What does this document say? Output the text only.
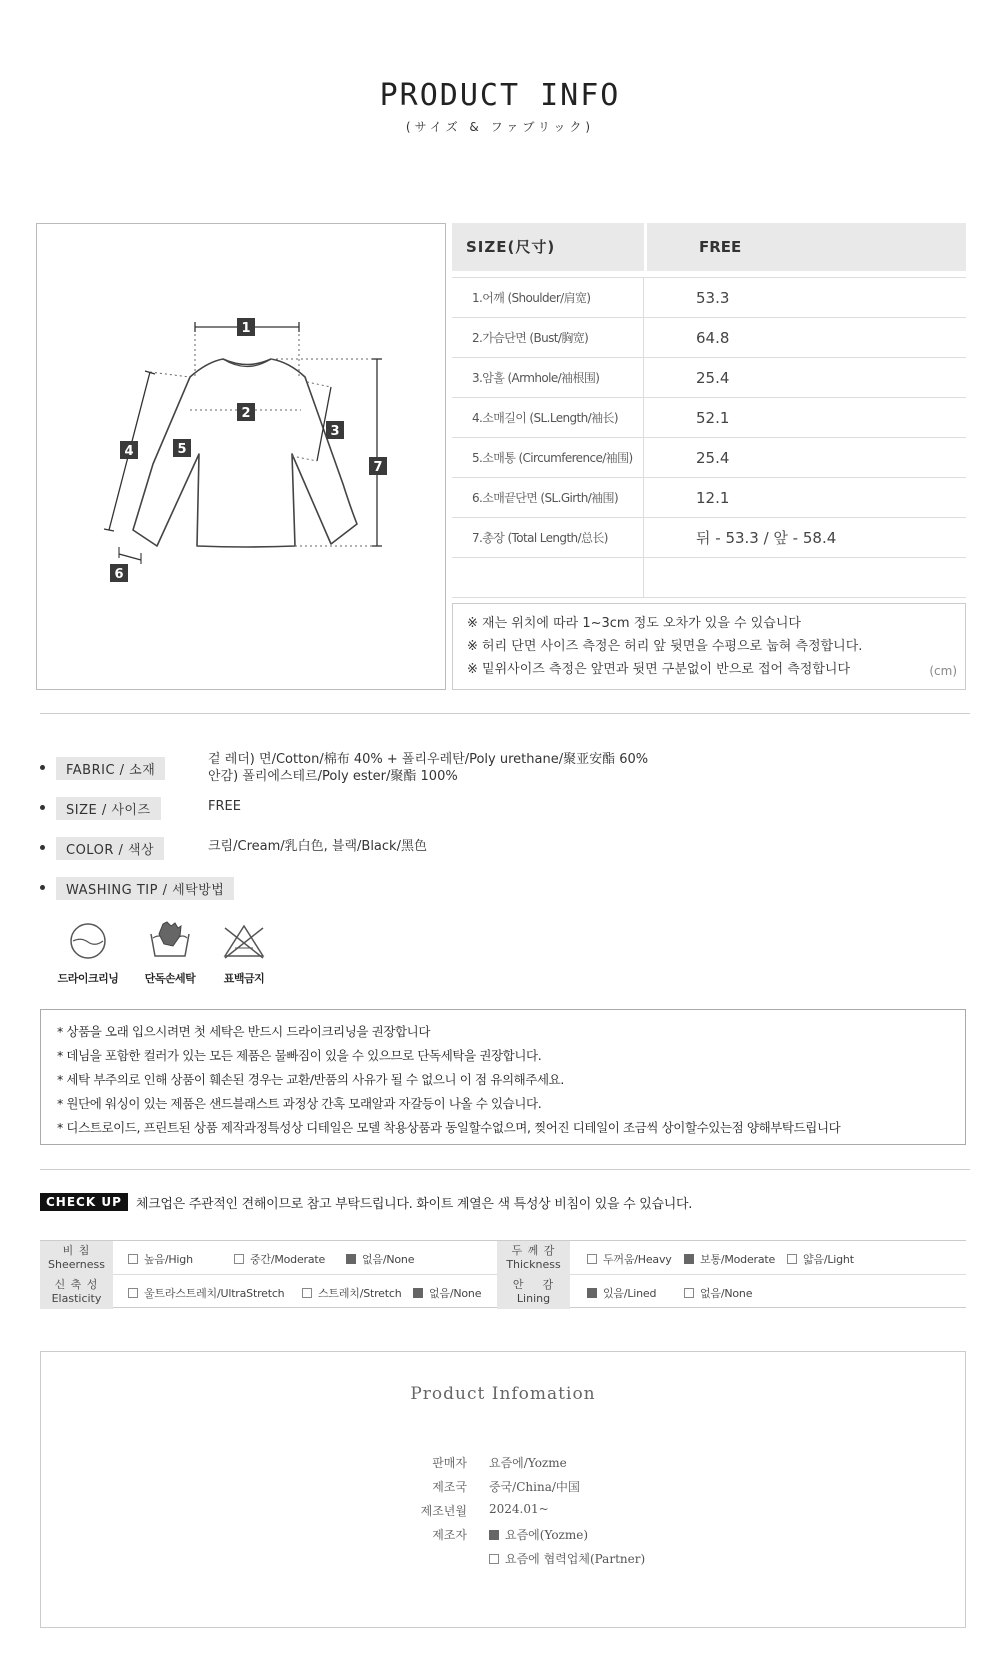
PRODUCT INFO
(サイズ & ファブリック)
1
2
3
4	5
6
7
SIZE(尺寸)	FREE
1.어깨 (Shoulder/肩宽)	53.3
2.가슴단면 (Bust/胸宽)	64.8
3.암홀 (Armhole/袖根围)	25.4
4.소매길이 (SL.Length/袖长)	52.1
5.소매통 (Circumference/袖围)	25.4
6.소매끝단면 (SL.Girth/袖围)	12.1
7.총장 (Total Length/总长)	뒤 - 53.3 / 앞 - 58.4

※ 재는 위치에 따라 1~3cm 정도 오차가 있을 수 있습니다

※ 허리 단면 사이즈 측정은 허리 앞 뒷면을 수평으로 눕혀 측정합니다.

※ 밑위사이즈 측정은 앞면과 뒷면 구분없이 반으로 접어 측정합니다	(cm)
FABRIC / 소재
겉 레더) 면/Cotton/棉布 40% + 폴리우레탄/Poly urethane/聚亚安酯 60%
안감) 폴리에스테르/Poly ester/聚酯 100%
SIZE / 사이즈	FREE
COLOR / 색상	크림/Cream/乳白色, 블랙/Black/黑色
WASHING TIP / 세탁방법
드라이크리닝	단독손세탁	표백금지

* 상품을 오래 입으시려면 첫 세탁은 반드시 드라이크리닝을 권장합니다

* 데님을 포함한 컬러가 있는 모든 제품은 물빠짐이 있을 수 있으므로 단독세탁을 권장합니다.

* 세탁 부주의로 인해 상품이 훼손된 경우는 교환/반품의 사유가 될 수 없으니 이 점 유의해주세요.

* 원단에 워싱이 있는 제품은 샌드블래스트 과정상 간혹 모래알과 자갈등이 나올 수 있습니다.

* 디스트로이드, 프린트된 상품 제작과정특성상 디테일은 모델 착용상품과 동일할수없으며, 찢어진 디테일이 조금씩 상이할수있는점 양해부탁드립니다

CHECK UP	체크업은 주관적인 견해이므로 참고 부탁드립니다. 화이트 계열은 색 특성상 비침이 있을 수 있습니다.
비 침
Sheerness	높음/High	중간/Moderate	없음/None
두 께 감
Thickness	두꺼움/Heavy	보통/Moderate	얇음/Light
신 축 성
Elasticity	울트라스트레치/UltraStretch	스트레치/Stretch	없음/None
안    감
Lining	있음/Lined	없음/None
Product Infomation
판매자 요즘에/Yozme
제조국 중국/China/中国
제조년월 2024.01~
제조자	요즘에(Yozme)
요즘에 협력업체(Partner)
